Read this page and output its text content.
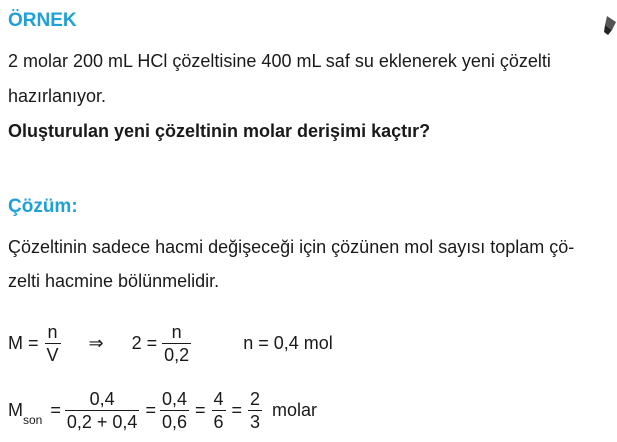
ÖRNEK
2 molar 200 mL HCl çözeltisine 400 mL saf su eklenerek yeni çözelti
hazırlanıyor.
Oluşturulan yeni çözeltinin molar derişimi kaçtır?
Çözüm:
Çözeltinin sadece hacmi değişeceği için çözünen mol sayısı toplam çö-
zelti hacmine bölünmelidir.
$M = \frac{n}{V}$ ⇒ $2 = \frac{n}{0,2}$	n = 0,4 mol
M son = $\frac{0,4}{0,2 + 0,4} = \frac{0,4}{0,6} = \frac{4}{6} = \frac{2}{3}$ molar
